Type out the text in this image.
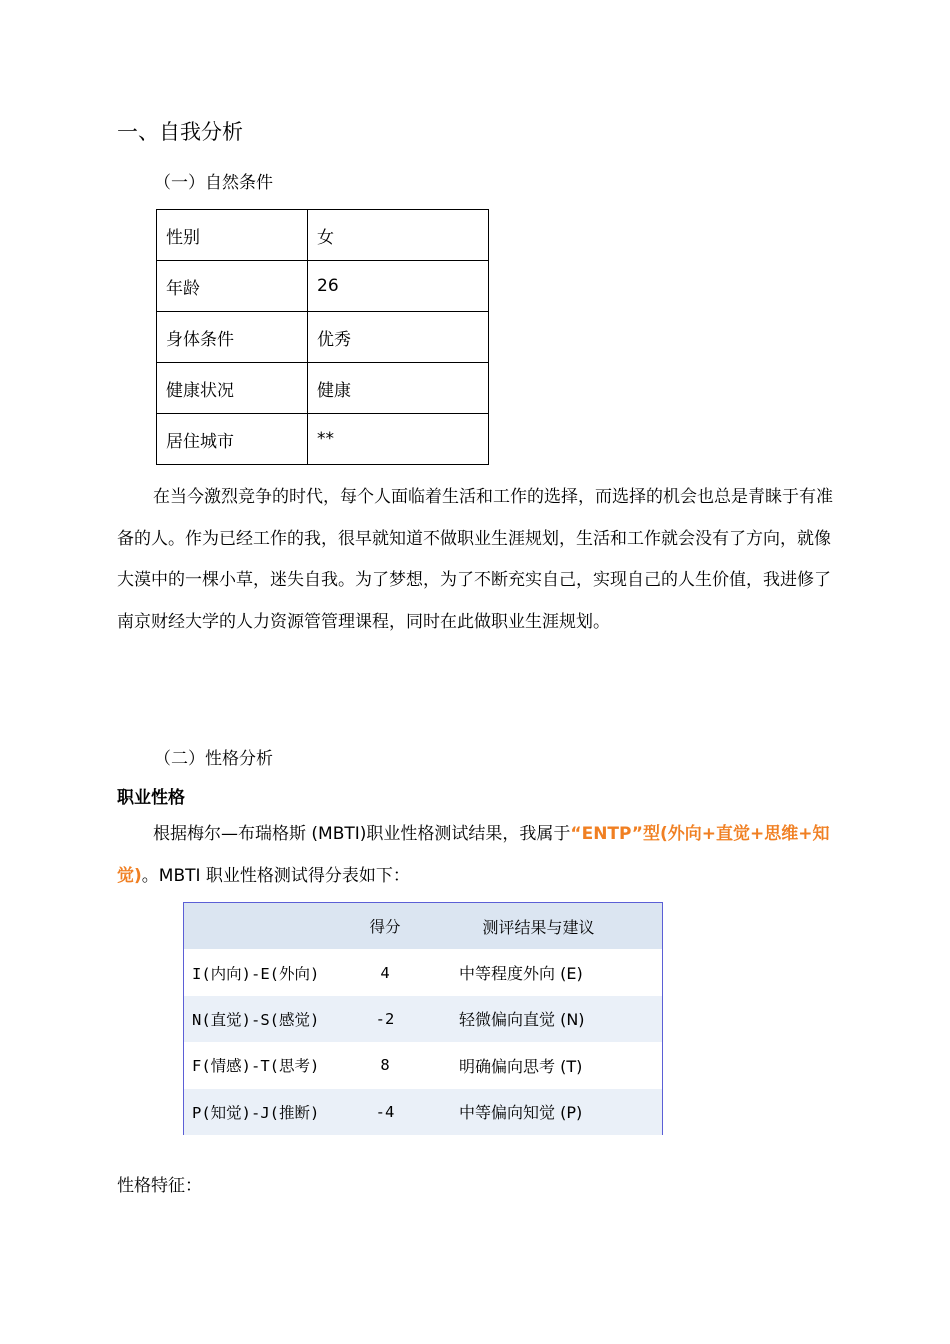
一、自我分析
（一）自然条件
性别	女
年龄	26
身体条件	优秀
健康状况	健康
居住城市	**

在当今激烈竞争的时代，每个人面临着生活和工作的选择，而选择的机会也总是青睐于有准备的人。作为已经工作的我，很早就知道不做职业生涯规划，生活和工作就会没有了方向，就像大漠中的一棵小草，迷失自我。为了梦想，为了不断充实自己，实现自己的人生价值，我进修了南京财经大学的人力资源管管理课程，同时在此做职业生涯规划。

（二）性格分析
职业性格

根据梅尔—布瑞格斯 (MBTI)职业性格测试结果，我属于“ENTP”型(外向+直觉+思维+知觉)。MBTI 职业性格测试得分表如下：

	得分	测评结果与建议
I(内向)-E(外向)	4	中等程度外向 (E)
N(直觉)-S(感觉)	-2	轻微偏向直觉 (N)
F(情感)-T(思考)	8	明确偏向思考 (T)
P(知觉)-J(推断)	-4	中等偏向知觉 (P)
性格特征：
